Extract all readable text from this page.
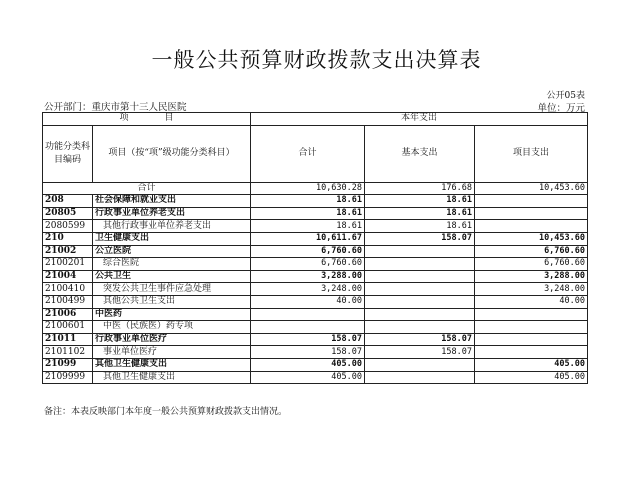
一般公共预算财政拨款支出决算表
公开05表
公开部门：重庆市第十三人民医院	单位：万元
项　　　　目		本年支出		
功能分类科目编码	项目（按“项”级功能分类科目）	合计	基本支出	项目支出
合计		10,630.28	176.68	10,453.60
208	社会保障和就业支出	18.61	18.61	
20805	行政事业单位养老支出	18.61	18.61	
2080599	其他行政事业单位养老支出	18.61	18.61	
210	卫生健康支出	10,611.67	158.07	10,453.60
21002	公立医院	6,760.60		6,760.60
2100201	综合医院	6,760.60		6,760.60
21004	公共卫生	3,288.00		3,288.00
2100410	突发公共卫生事件应急处理	3,248.00		3,248.00
2100499	其他公共卫生支出	40.00		40.00
21006	中医药			
2100601	中医（民族医）药专项			
21011	行政事业单位医疗	158.07	158.07	
2101102	事业单位医疗	158.07	158.07	
21099	其他卫生健康支出	405.00		405.00
2109999	其他卫生健康支出	405.00		405.00
备注：本表反映部门本年度一般公共预算财政拨款支出情况。
